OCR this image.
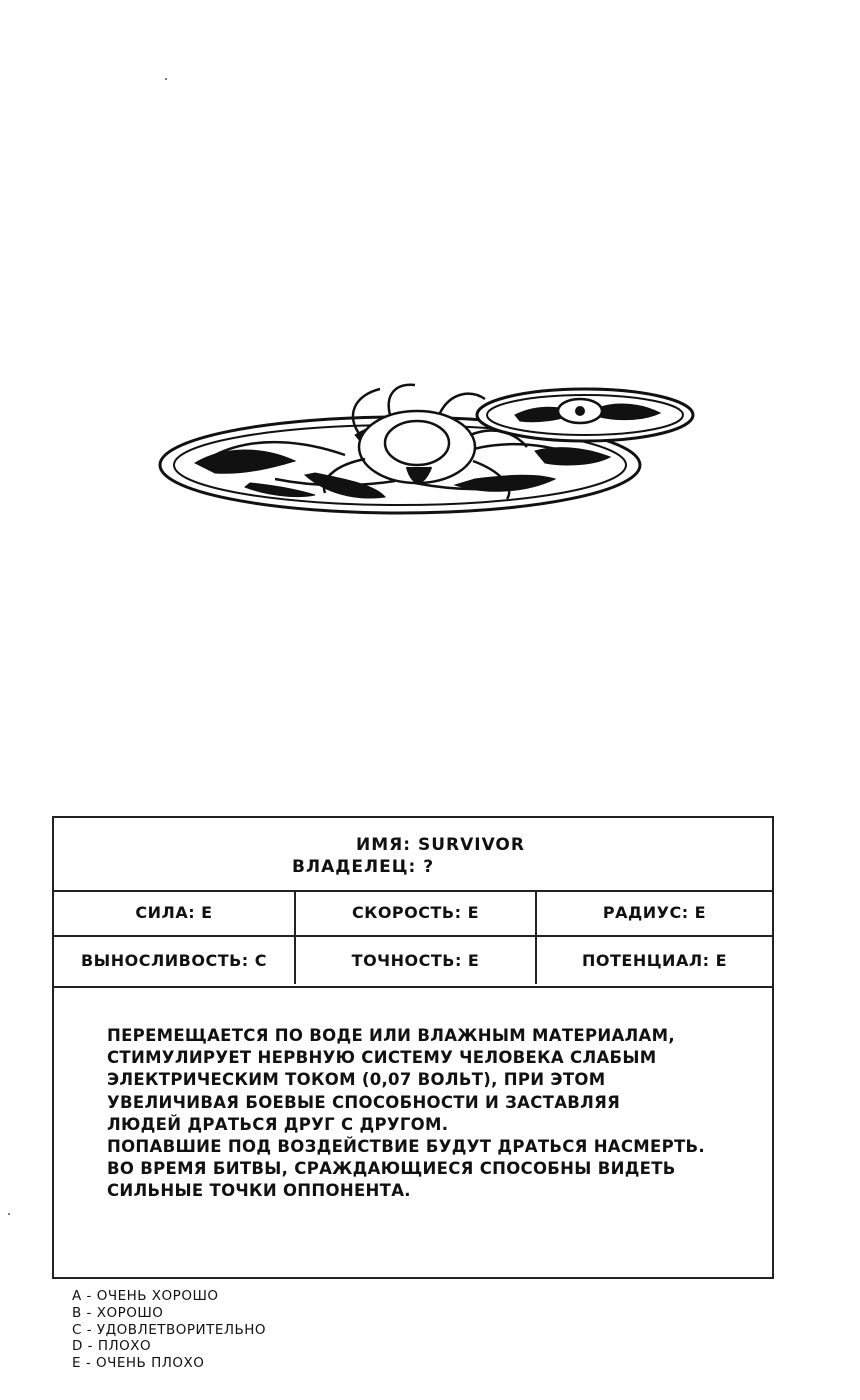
ИМЯ: SURVIVOR
ВЛАДЕЛЕЦ: ?
СИЛА: E	СКОРОСТЬ: E	РАДИУС: E
ВЫНОСЛИВОСТЬ: C	ТОЧНОСТЬ: E	ПОТЕНЦИАЛ: E

ПЕРЕМЕЩАЕТСЯ ПО ВОДЕ ИЛИ ВЛАЖНЫМ МАТЕРИАЛАМ,

СТИМУЛИРУЕТ НЕРВНУЮ СИСТЕМУ ЧЕЛОВЕКА СЛАБЫМ

ЭЛЕКТРИЧЕСКИМ ТОКОМ (0,07 ВОЛЬТ), ПРИ ЭТОМ

УВЕЛИЧИВАЯ БОЕВЫЕ СПОСОБНОСТИ И ЗАСТАВЛЯЯ

ЛЮДЕЙ ДРАТЬСЯ ДРУГ С ДРУГОМ.

ПОПАВШИЕ ПОД ВОЗДЕЙСТВИЕ БУДУТ ДРАТЬСЯ НАСМЕРТЬ.

ВО ВРЕМЯ БИТВЫ, СРАЖДАЮЩИЕСЯ СПОСОБНЫ ВИДЕТЬ

СИЛЬНЫЕ ТОЧКИ ОППОНЕНТА.

A - ОЧЕНЬ ХОРОШО
B - ХОРОШО
C - УДОВЛЕТВОРИТЕЛЬНО
D - ПЛОХО
E - ОЧЕНЬ ПЛОХО
